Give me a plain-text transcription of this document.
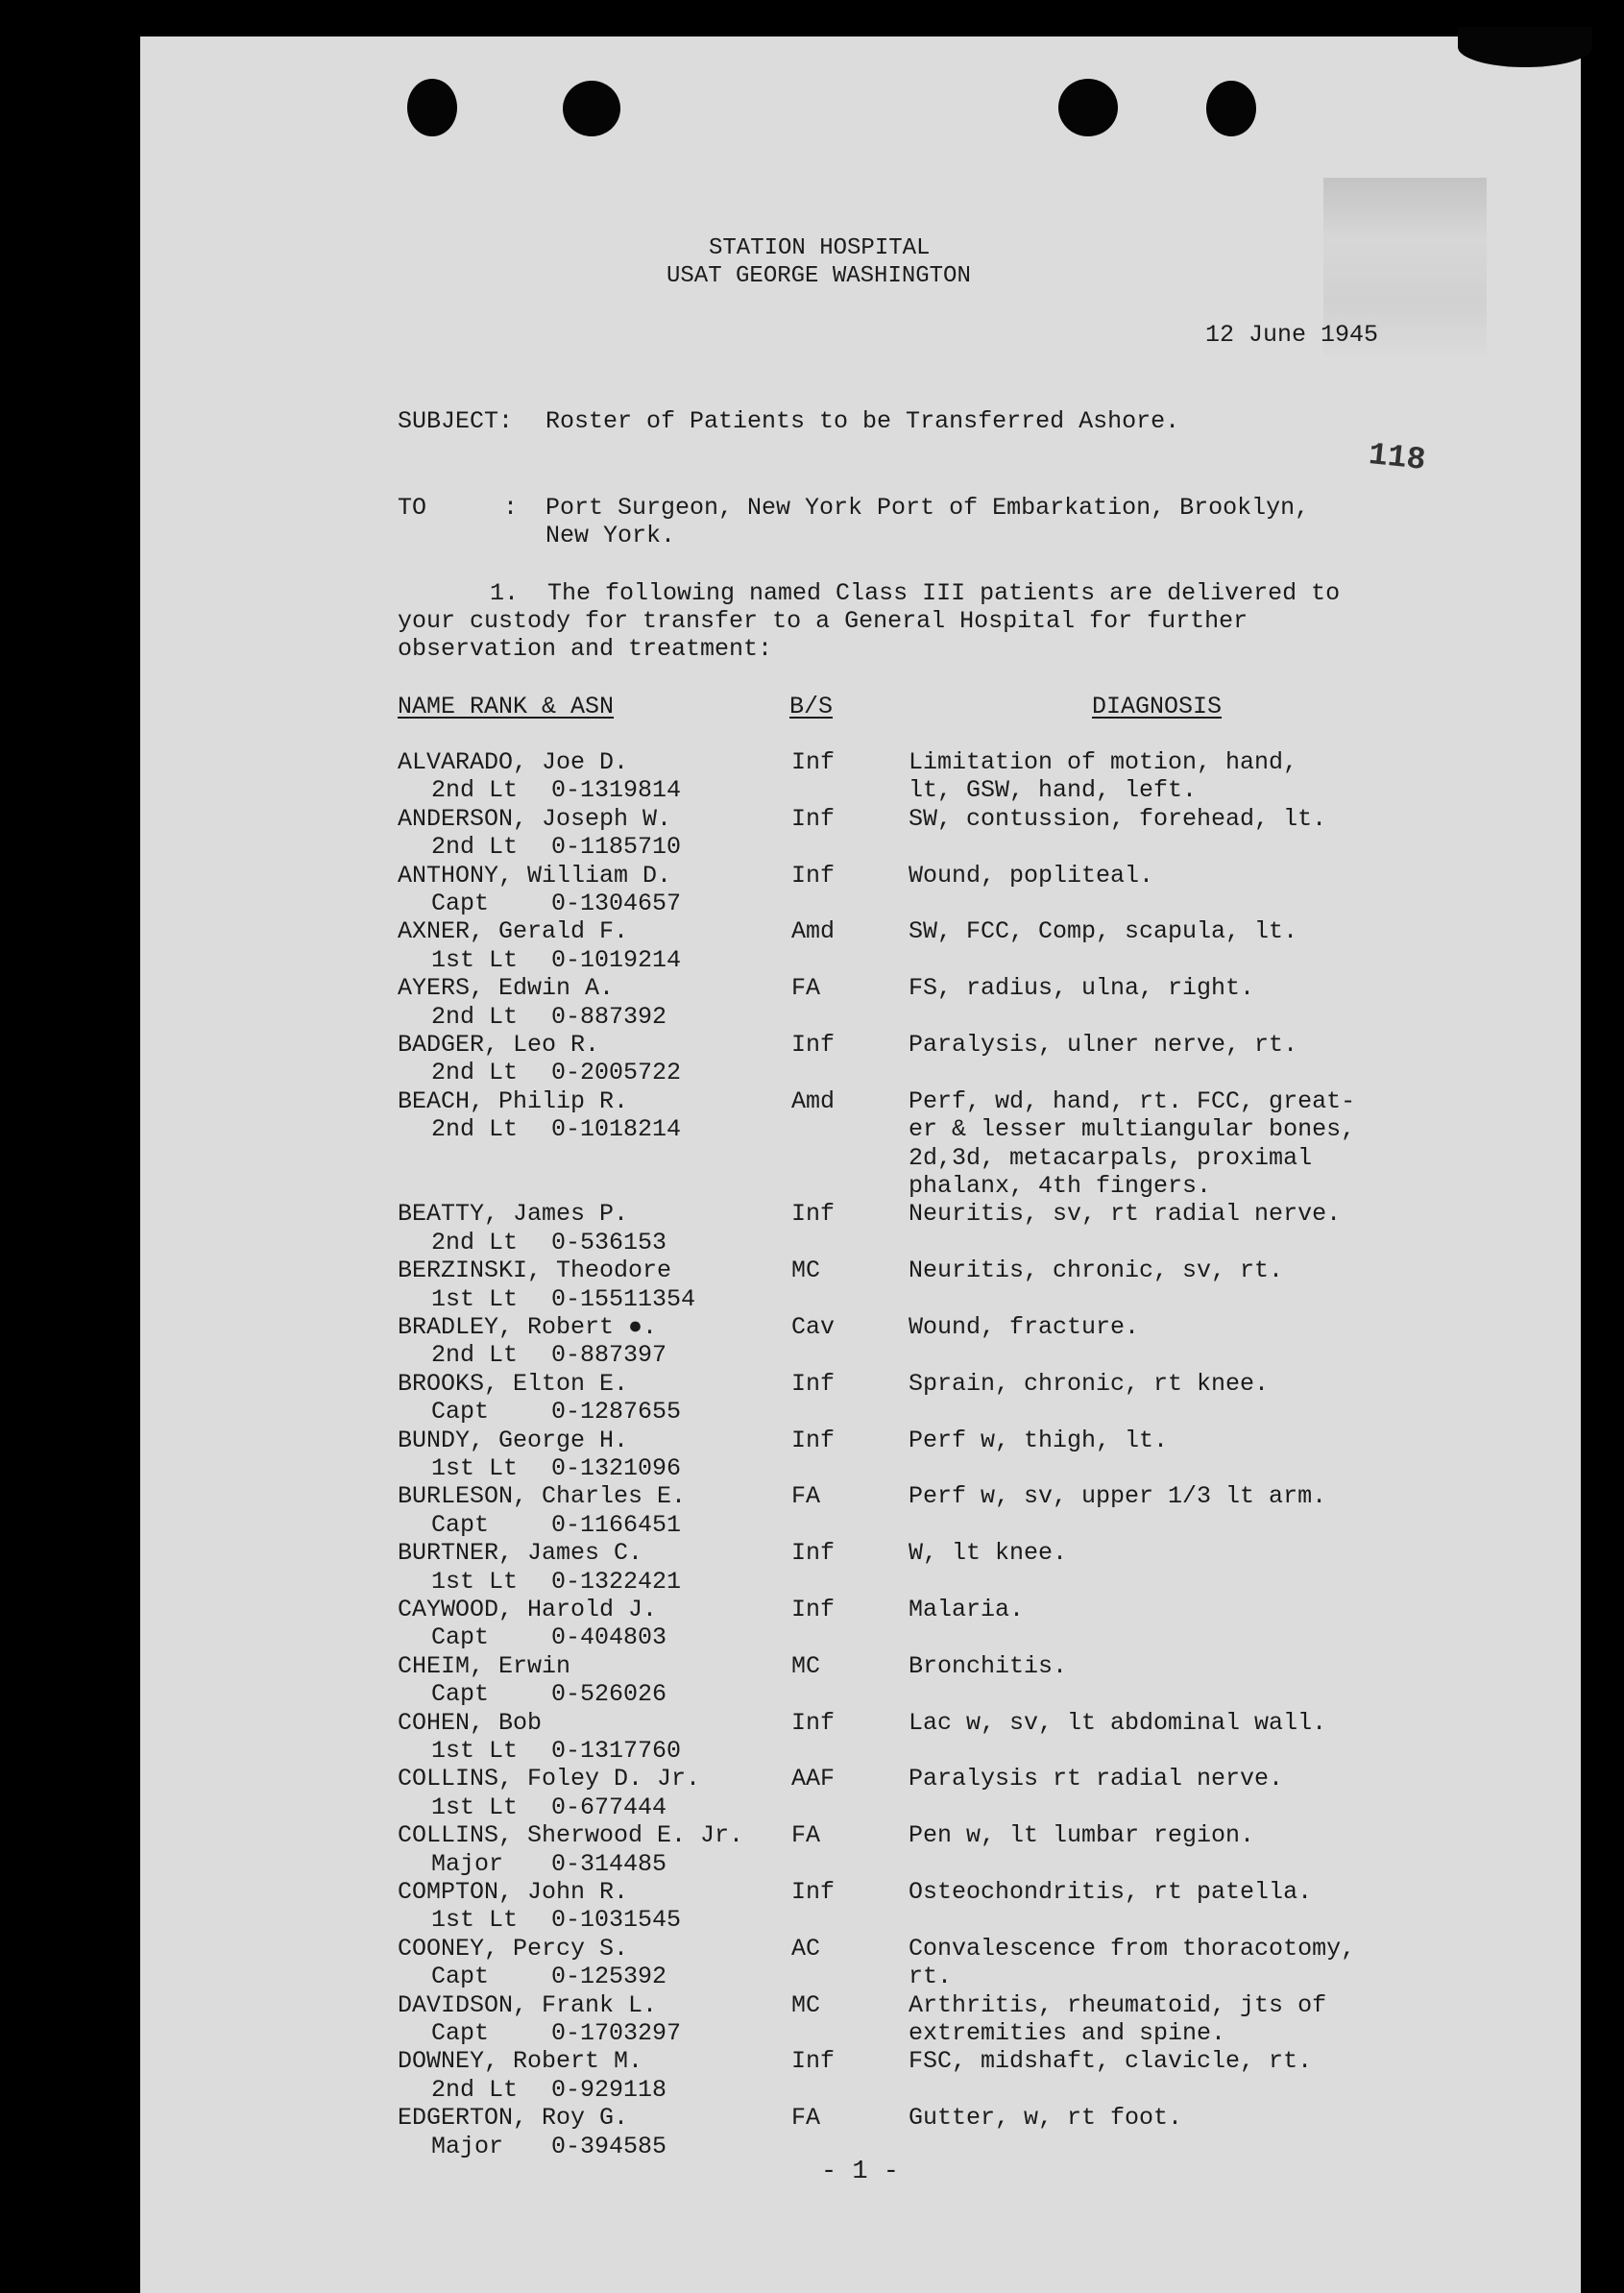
STATION HOSPITAL
USAT GEORGE WASHINGTON
12 June 1945
118
SUBJECT: Roster of Patients to be Transferred Ashore.
TO	: Port Surgeon, New York Port of Embarkation, Brooklyn,
New York.
1.  The following named Class III patients are delivered to
your custody for transfer to a General Hospital for further
observation and treatment:
NAME RANK & ASN	B/S	DIAGNOSIS
ALVARADO, Joe D.
2nd Lt 0-1319814
Inf	Limitation of motion, hand,
lt, GSW, hand, left.
ANDERSON, Joseph W.
2nd Lt 0-1185710
Inf	SW, contussion, forehead, lt.
ANTHONY, William D.
Capt	0-1304657
Inf	Wound, popliteal.
AXNER, Gerald F.
1st Lt 0-1019214
Amd	SW, FCC, Comp, scapula, lt.
AYERS, Edwin A.
2nd Lt 0-887392
FA	FS, radius, ulna, right.
BADGER, Leo R.
2nd Lt 0-2005722
Inf	Paralysis, ulner nerve, rt.
BEACH, Philip R.
2nd Lt 0-1018214
Amd	Perf, wd, hand, rt. FCC, great-
er & lesser multiangular bones,
2d,3d, metacarpals, proximal
phalanx, 4th fingers.
BEATTY, James P.
2nd Lt 0-536153
Inf	Neuritis, sv, rt radial nerve.
BERZINSKI, Theodore
1st Lt 0-15511354
MC	Neuritis, chronic, sv, rt.
BRADLEY, Robert ●.
2nd Lt 0-887397
Cav	Wound, fracture.
BROOKS, Elton E.
Capt	0-1287655
Inf	Sprain, chronic, rt knee.
BUNDY, George H.
1st Lt 0-1321096
Inf	Perf w, thigh, lt.
BURLESON, Charles E.
Capt	0-1166451
FA	Perf w, sv, upper 1/3 lt arm.
BURTNER, James C.
1st Lt 0-1322421
Inf	W, lt knee.
CAYWOOD, Harold J.
Capt	0-404803
Inf	Malaria.
CHEIM, Erwin
Capt	0-526026
MC	Bronchitis.
COHEN, Bob
1st Lt 0-1317760
Inf	Lac w, sv, lt abdominal wall.
COLLINS, Foley D. Jr.
1st Lt 0-677444
AAF	Paralysis rt radial nerve.
COLLINS, Sherwood E. Jr.
Major 0-314485
FA	Pen w, lt lumbar region.
COMPTON, John R.
1st Lt 0-1031545
Inf	Osteochondritis, rt patella.
COONEY, Percy S.
Capt	0-125392
AC	Convalescence from thoracotomy,
rt.
DAVIDSON, Frank L.
Capt	0-1703297
MC	Arthritis, rheumatoid, jts of
extremities and spine.
DOWNEY, Robert M.
2nd Lt 0-929118
Inf	FSC, midshaft, clavicle, rt.
EDGERTON, Roy G.
Major 0-394585
FA	Gutter, w, rt foot.
- 1 -
